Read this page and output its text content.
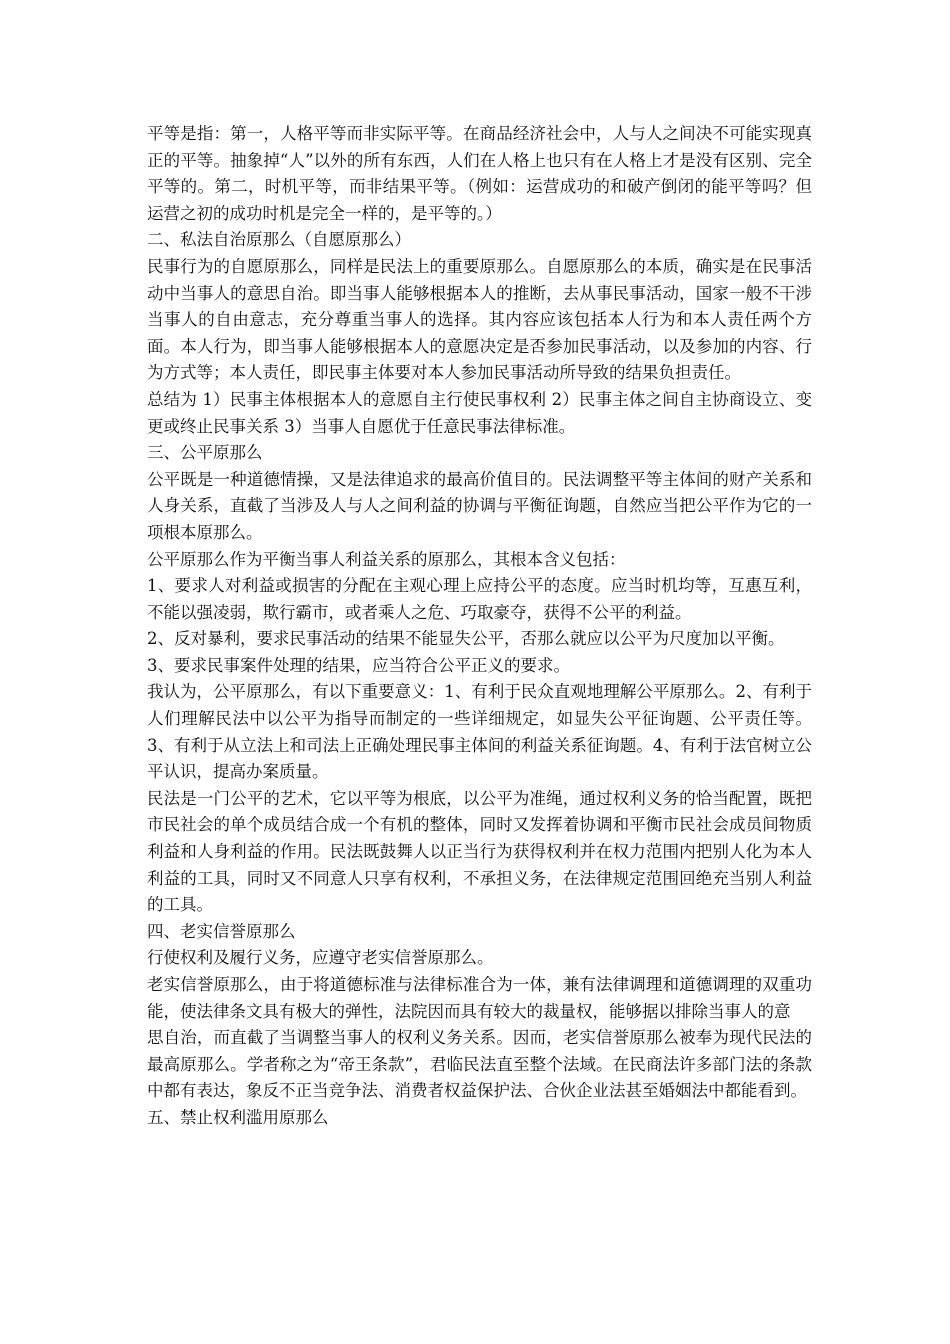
平等是指：第一，人格平等而非实际平等。在商品经济社会中，人与人之间决不可能实现真正的平等。抽象掉“人”以外的所有东西，人们在人格上也只有在人格上才是没有区别、完全平等的。第二，时机平等，而非结果平等。（例如：运营成功的和破产倒闭的能平等吗？但运营之初的成功时机是完全一样的，是平等的。）

二、私法自治原那么（自愿原那么）

民事行为的自愿原那么，同样是民法上的重要原那么。自愿原那么的本质，确实是在民事活动中当事人的意思自治。即当事人能够根据本人的推断，去从事民事活动，国家一般不干涉当事人的自由意志，充分尊重当事人的选择。其内容应该包括本人行为和本人责任两个方面。本人行为，即当事人能够根据本人的意愿决定是否参加民事活动，以及参加的内容、行为方式等；本人责任，即民事主体要对本人参加民事活动所导致的结果负担责任。

总结为 1）民事主体根据本人的意愿自主行使民事权利 2）民事主体之间自主协商设立、变更或终止民事关系 3）当事人自愿优于任意民事法律标准。

三、公平原那么

公平既是一种道德情操，又是法律追求的最高价值目的。民法调整平等主体间的财产关系和人身关系，直截了当涉及人与人之间利益的协调与平衡征询题，自然应当把公平作为它的一项根本原那么。

公平原那么作为平衡当事人利益关系的原那么，其根本含义包括：

1、要求人对利益或损害的分配在主观心理上应持公平的态度。应当时机均等，互惠互利，不能以强凌弱，欺行霸市，或者乘人之危、巧取豪夺，获得不公平的利益。

2、反对暴利，要求民事活动的结果不能显失公平，否那么就应以公平为尺度加以平衡。

3、要求民事案件处理的结果，应当符合公平正义的要求。

我认为，公平原那么，有以下重要意义：1、有利于民众直观地理解公平原那么。2、有利于人们理解民法中以公平为指导而制定的一些详细规定，如显失公平征询题、公平责任等。3、有利于从立法上和司法上正确处理民事主体间的利益关系征询题。4、有利于法官树立公平认识，提高办案质量。

民法是一门公平的艺术，它以平等为根底，以公平为准绳，通过权利义务的恰当配置，既把市民社会的单个成员结合成一个有机的整体，同时又发挥着协调和平衡市民社会成员间物质利益和人身利益的作用。民法既鼓舞人以正当行为获得权利并在权力范围内把别人化为本人利益的工具，同时又不同意人只享有权利，不承担义务，在法律规定范围回绝充当别人利益的工具。

四、老实信誉原那么

行使权利及履行义务，应遵守老实信誉原那么。

老实信誉原那么，由于将道德标准与法律标准合为一体，兼有法律调理和道德调理的双重功能，使法律条文具有极大的弹性，法院因而具有较大的裁量权，能够据以排除当事人的意

思自治，而直截了当调整当事人的权利义务关系。因而，老实信誉原那么被奉为现代民法的最高原那么。学者称之为“帝王条款”，君临民法直至整个法域。在民商法许多部门法的条款中都有表达，象反不正当竞争法、消费者权益保护法、合伙企业法甚至婚姻法中都能看到。

五、禁止权利滥用原那么
